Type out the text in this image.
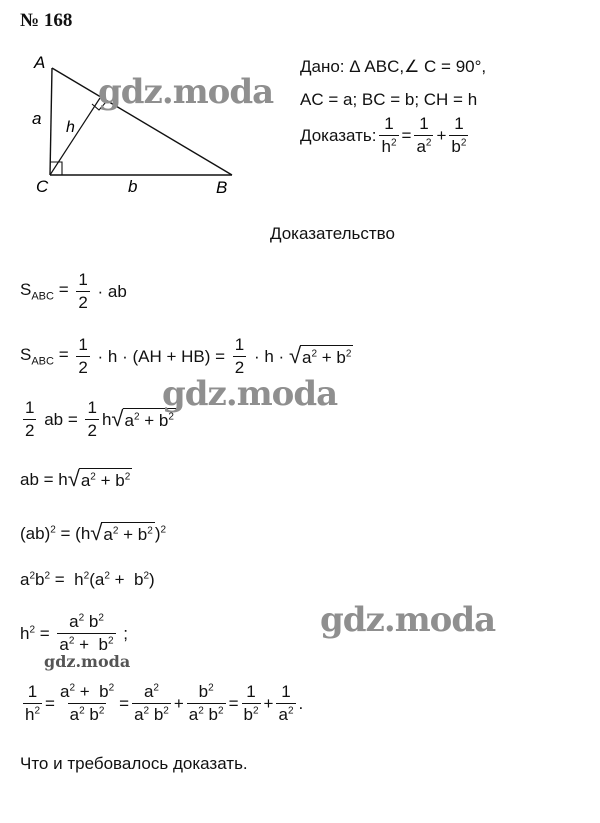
№ 168
A
C	B
a
b
h
Дано: Δ ABC,∠ C = 90°,
AC = a; BC = b; CH = h
Доказать: $\frac{1}{h^2} = \frac{1}{a^2} + \frac{1}{b^2}$
Доказательство
$S_{ABC} = \frac{1}{2}$ · ab
$S_{ABC} = \frac{1}{2} \cdot h \cdot (AH + HB) = \frac{1}{2} \cdot h$ · √ $a^2 + b^2$
1
2
ab = $\frac{1}{2}$ h √ $a^2 + b^2$
ab = h √ $a^2 + b^2$
(ab)$^2$ = (h √ $a^2 + b^2$ )$^2$
$a^2b^2 = h^2(a^2 + b^2)$
$h^2 = \frac{a^2 b^2}{a^2 + b^2}$ ;
$\frac{1}{h^2} = \frac{a^2 + b^2}{a^2 b^2} = \frac{a^2}{a^2 b^2} + \frac{b^2}{a^2 b^2} = \frac{1}{b^2} + \frac{1}{a^2}$ .
Что и требовалось доказать.
gdz.moda
gdz.moda
gdz.moda
gdz.moda
